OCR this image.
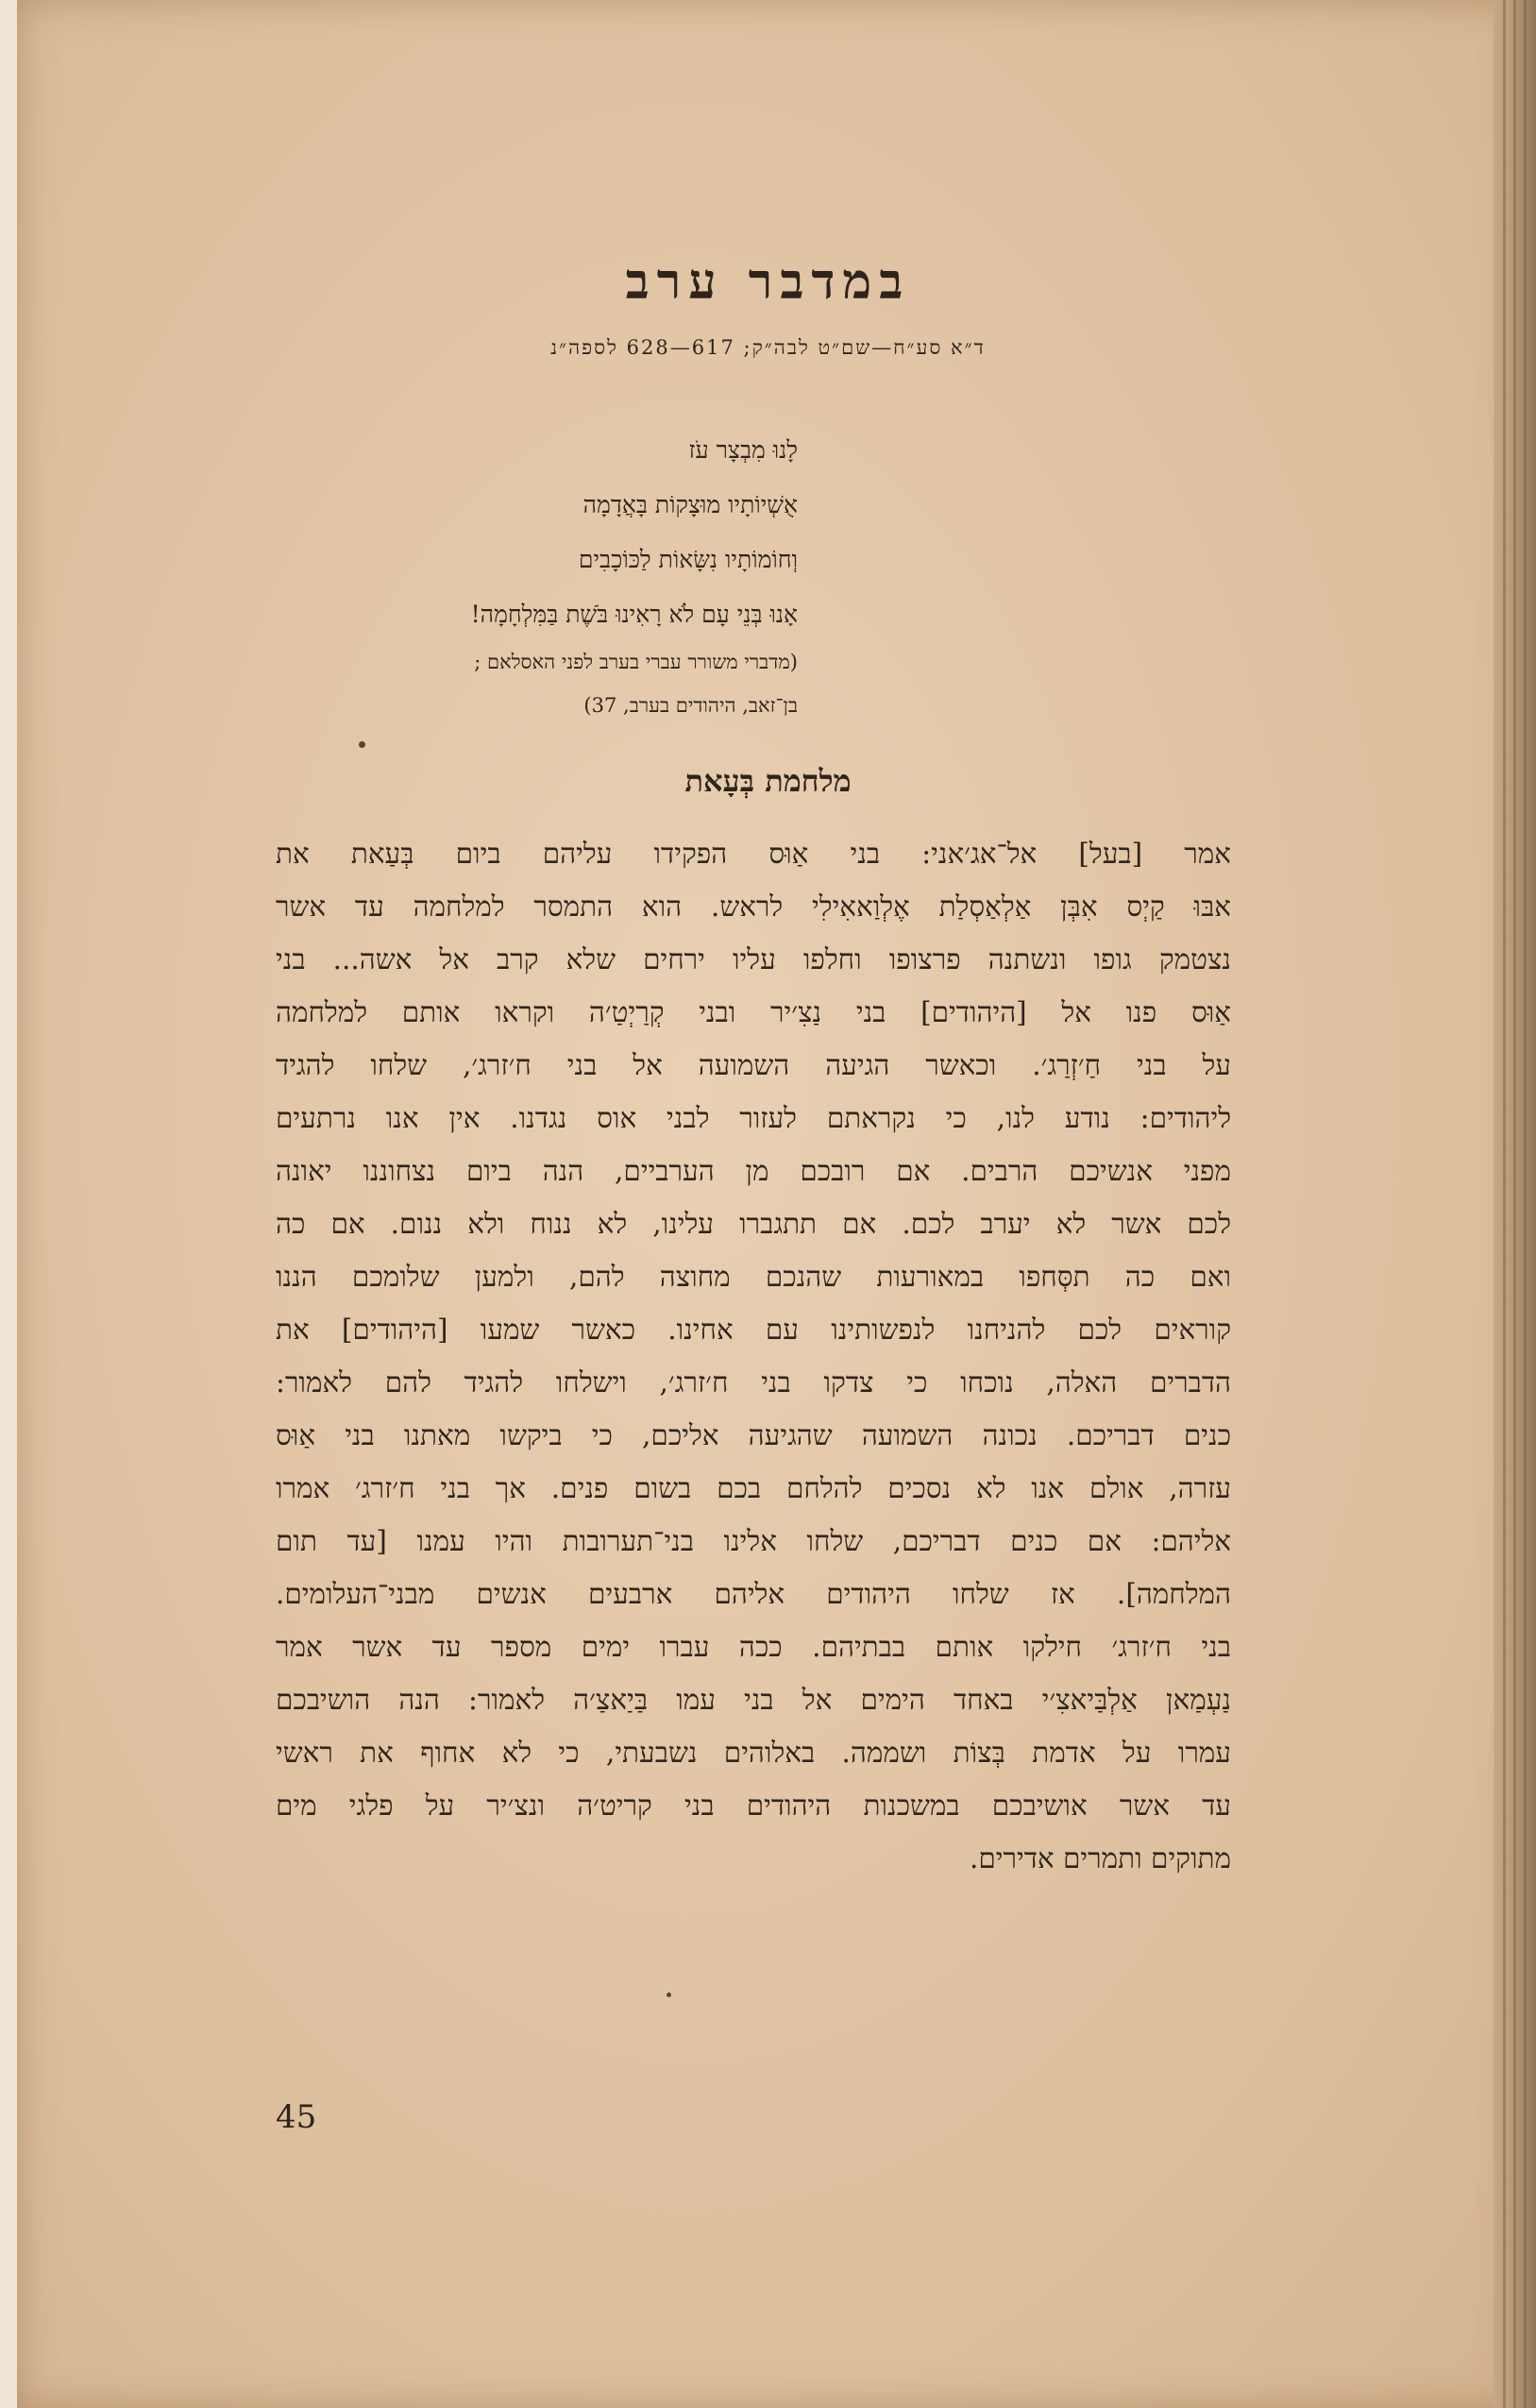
במדבר ערב
ד״א סע״ח—שם״ט לבה״ק; 617—628 לספה״נ
לָנוּ מִבְצָר עֹז
אֻשְׁיוֹתָיו מוּצָקוֹת בָּאֲדָמָה
וְחוֹמוֹתָיו נִשָּׂאוֹת לַכּוֹכָבִים
אָנוּ בְּנֵי עָם לֹא רָאִינוּ בֹּשֶׁת בַּמִּלְחָמָה!
(מדברי משורר עברי בערב לפני האסלאם ;
בן־זאב, היהודים בערב, 37)
מלחמת בְּעָאת
אמר [בעל] אל־אג׳אני: בני אַוּס הפקידו עליהם ביום בְּעַאת את
אבּוּ קַיְס אִבְּן אַלְאַסְלַת אֶלְוַאאִילִי לראש. הוא התמסר למלחמה עד אשר
נצטמק גופו ונשתנה פרצופו וחלפו עליו ירחים שלא קרב אל אשה... בני
אַוּס פנו אל [היהודים] בני נַצִ׳יר ובני קְרַיְטַ׳ה וקראו אותם למלחמה
על בני חַ׳זְרַג׳. וכאשר הגיעה השמועה אל בני ח׳זרג׳, שלחו להגיד
ליהודים: נודע לנו, כי נקראתם לעזור לבני אוס נגדנו. אין אנו נרתעים
מפני אנשיכם הרבים. אם רובכם מן הערביים, הנה ביום נצחוננו יאונה
לכם אשר לא יערב לכם. אם תתגברו עלינו, לא ננוח ולא ננום. אם כה
ואם כה תסְּחפו במאורעות שהנכם מחוצה להם, ולמען שלומכם הננו
קוראים לכם להניחנו לנפשותינו עם אחינו. כאשר שמעו [היהודים] את
הדברים האלה, נוכחו כי צדקו בני ח׳זרג׳, וישלחו להגיד להם לאמור:
כנים דבריכם. נכונה השמועה שהגיעה אליכם, כי ביקשו מאתנו בני אַוּס
עזרה, אולם אנו לא נסכים להלחם בכם בשום פנים. אך בני ח׳זרג׳ אמרו
אליהם: אם כנים דבריכם, שלחו אלינו בני־תערובות והיו עמנו [עד תום
המלחמה]. אז שלחו היהודים אליהם ארבעים אנשים מבני־העלומים.
בני ח׳זרג׳ חילקו אותם בבתיהם. ככה עברו ימים מספר עד אשר אמר
נַעְמַאן אַלְבַּיאצִ׳י באחד הימים אל בני עמו בַּיַאצַ׳ה לאמור: הנה הושיבכם
עמרו על אדמת בְּצוֹת ושממה. באלוהים נשבעתי, כי לא אחוף את ראשי
עד אשר אושיבכם במשכנות היהודים בני קריט׳ה ונצ׳יר על פלגי מים
מתוקים ותמרים אדירים.
45
